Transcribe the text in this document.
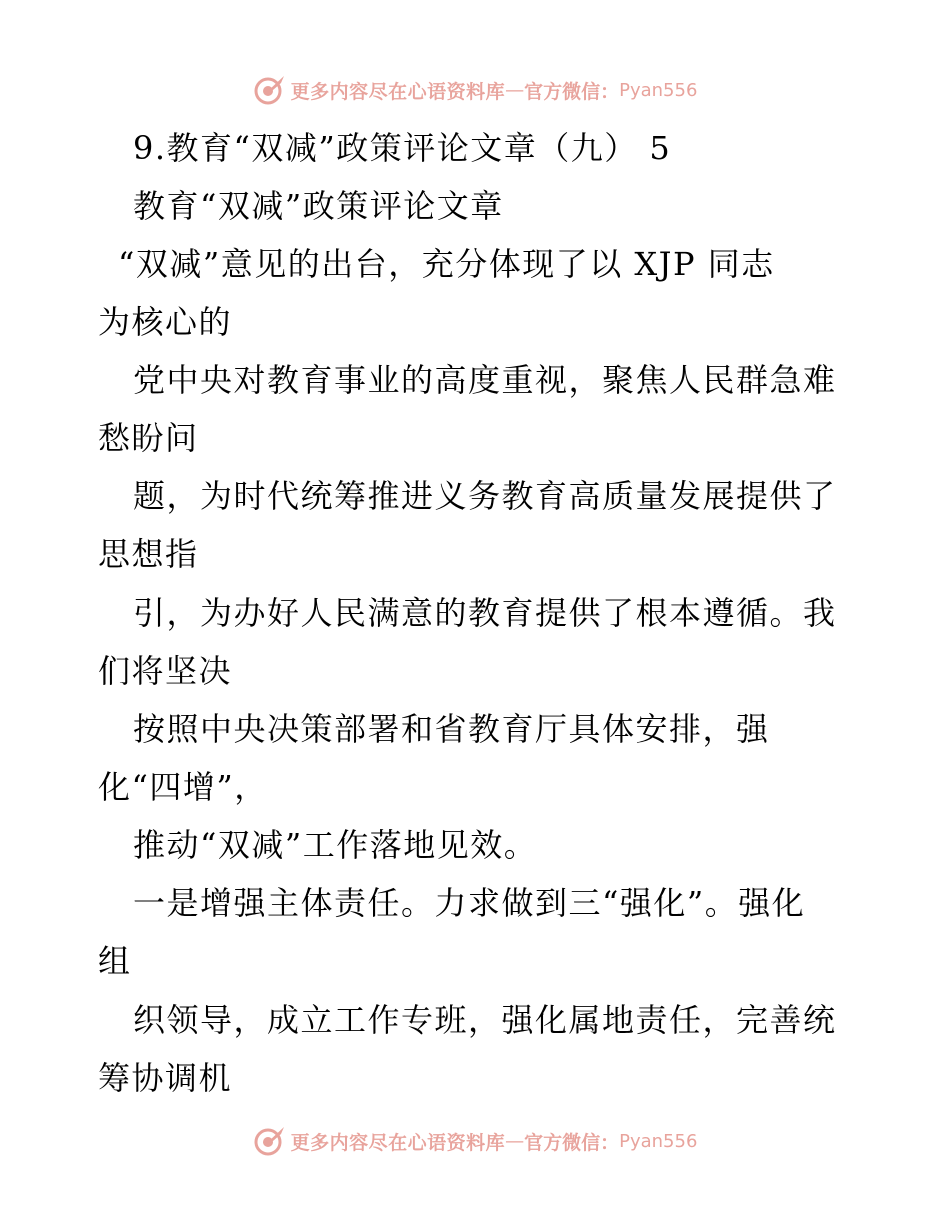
更多内容尽在心语资料库 — 官方微信： Pyan556
9.教育“双减”政策评论文章（九） 5
教育“双减”政策评论文章
“双减”意见的出台，充分体现了以 XJP 同志
为核心的
党中央对教育事业的高度重视，聚焦人民群急难
愁盼问
题，为时代统筹推进义务教育高质量发展提供了
思想指
引，为办好人民满意的教育提供了根本遵循。我
们将坚决
按照中央决策部署和省教育厅具体安排，强
化“四增”，
推动“双减”工作落地见效。
一是增强主体责任。力求做到三“强化”。强化
组
织领导，成立工作专班，强化属地责任，完善统
筹协调机
更多内容尽在心语资料库 — 官方微信： Pyan556
